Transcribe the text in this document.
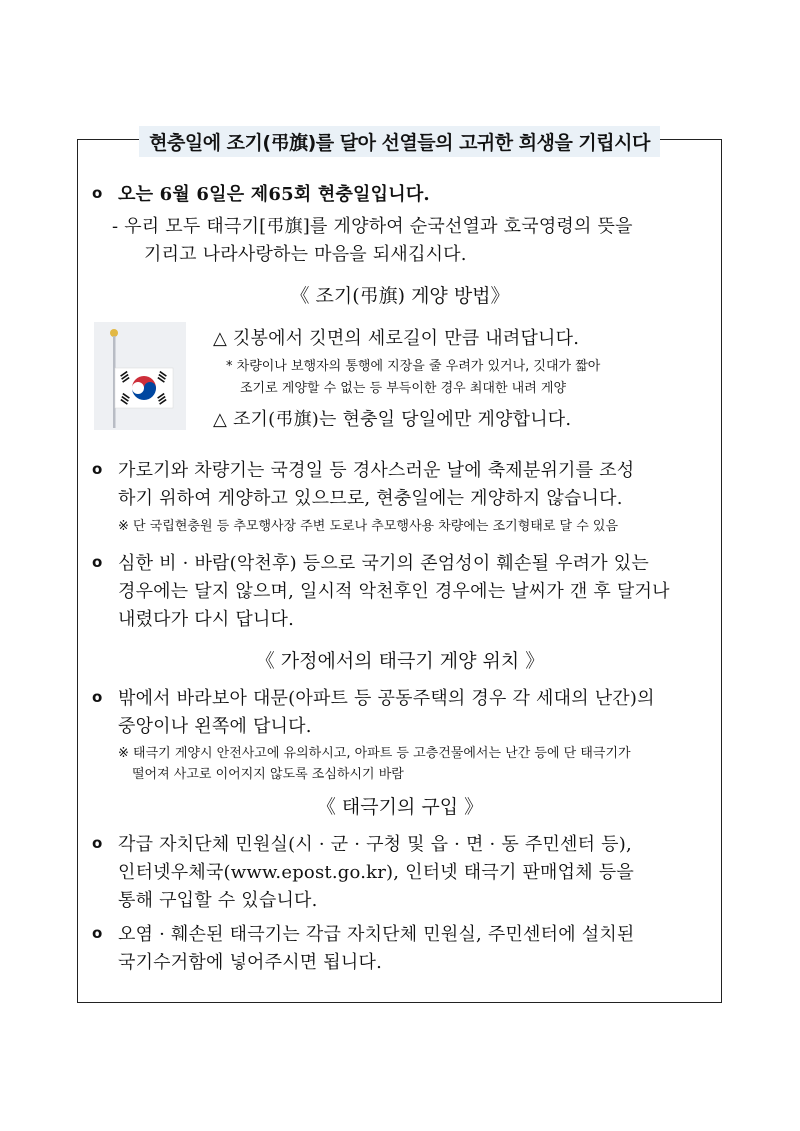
현충일에 조기(弔旗)를 달아 선열들의 고귀한 희생을 기립시다
o 오는 6월 6일은 제65회 현충일입니다.
- 우리 모두 태극기[弔旗]를 게양하여 순국선열과 호국영령의 뜻을
기리고 나라사랑하는 마음을 되새깁시다.
《 조기(弔旗) 게양 방법》
△ 깃봉에서 깃면의 세로길이 만큼 내려답니다.
* 차량이나 보행자의 통행에 지장을 줄 우려가 있거나, 깃대가 짧아
조기로 게양할 수 없는 등 부득이한 경우 최대한 내려 게양
△ 조기(弔旗)는 현충일 당일에만 게양합니다.
o 가로기와 차량기는 국경일 등 경사스러운 날에 축제분위기를 조성
하기 위하여 게양하고 있으므로, 현충일에는 게양하지 않습니다.
※ 단 국립현충원 등 추모행사장 주변 도로나 추모행사용 차량에는 조기형태로 달 수 있음
o 심한 비 · 바람(악천후) 등으로 국기의 존엄성이 훼손될 우려가 있는
경우에는 달지 않으며, 일시적 악천후인 경우에는 날씨가 갠 후 달거나
내렸다가 다시 답니다.
《 가정에서의 태극기 게양 위치 》
o 밖에서 바라보아 대문(아파트 등 공동주택의 경우 각 세대의 난간)의
중앙이나 왼쪽에 답니다.
※ 태극기 게양시 안전사고에 유의하시고, 아파트 등 고층건물에서는 난간 등에 단 태극기가
떨어져 사고로 이어지지 않도록 조심하시기 바람
《 태극기의 구입 》
o 각급 자치단체 민원실(시 · 군 · 구청 및 읍 · 면 · 동 주민센터 등),
인터넷우체국(www.epost.go.kr), 인터넷 태극기 판매업체 등을
통해 구입할 수 있습니다.
o 오염 · 훼손된 태극기는 각급 자치단체 민원실, 주민센터에 설치된
국기수거함에 넣어주시면 됩니다.
